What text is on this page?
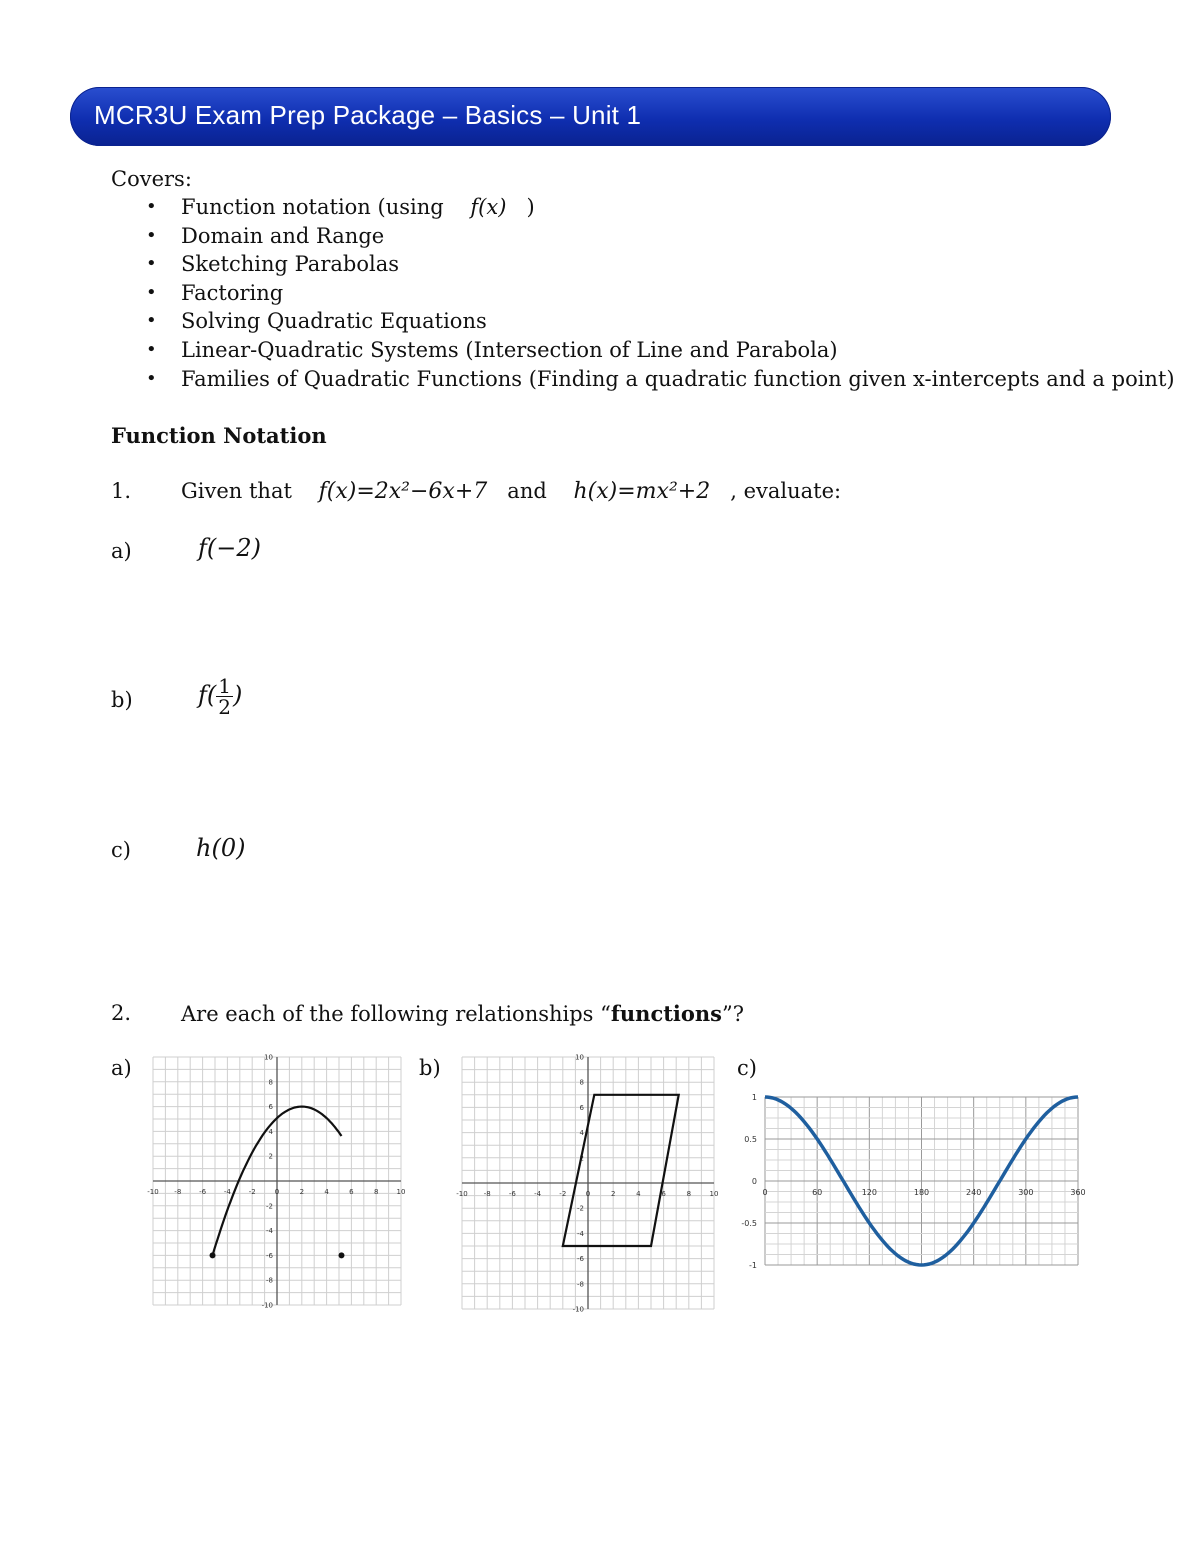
MCR3U Exam Prep Package – Basics – Unit 1
Covers:
• Function notation (using f(x) )
• Domain and Range
• Sketching Parabolas
• Factoring
• Solving Quadratic Equations
• Linear-Quadratic Systems (Intersection of Line and Parabola)
• Families of Quadratic Functions (Finding a quadratic function given x-intercepts and a point)
Function Notation
1. Given that f(x)=2x²−6x+7 and h(x)=mx²+2 , evaluate:
a)	f(−2)
b)	$f( \frac{1}{2}$ )
c)	h(0)
2. Are each of the following relationships “functions”?
a)	b)	c)
-10 -8	-6	-4	-2	0	2	4	6	8	10
10
8
6
4
2
-2
-4
-6
-8
-10
-10 -8	-6	-4	-2	0	2	4	6	8	10
10
8
6
4
2
-2
-4
-6
-8
-10
0	60	120	180	240	300	360
1
0.5
0
-0.5
-1
